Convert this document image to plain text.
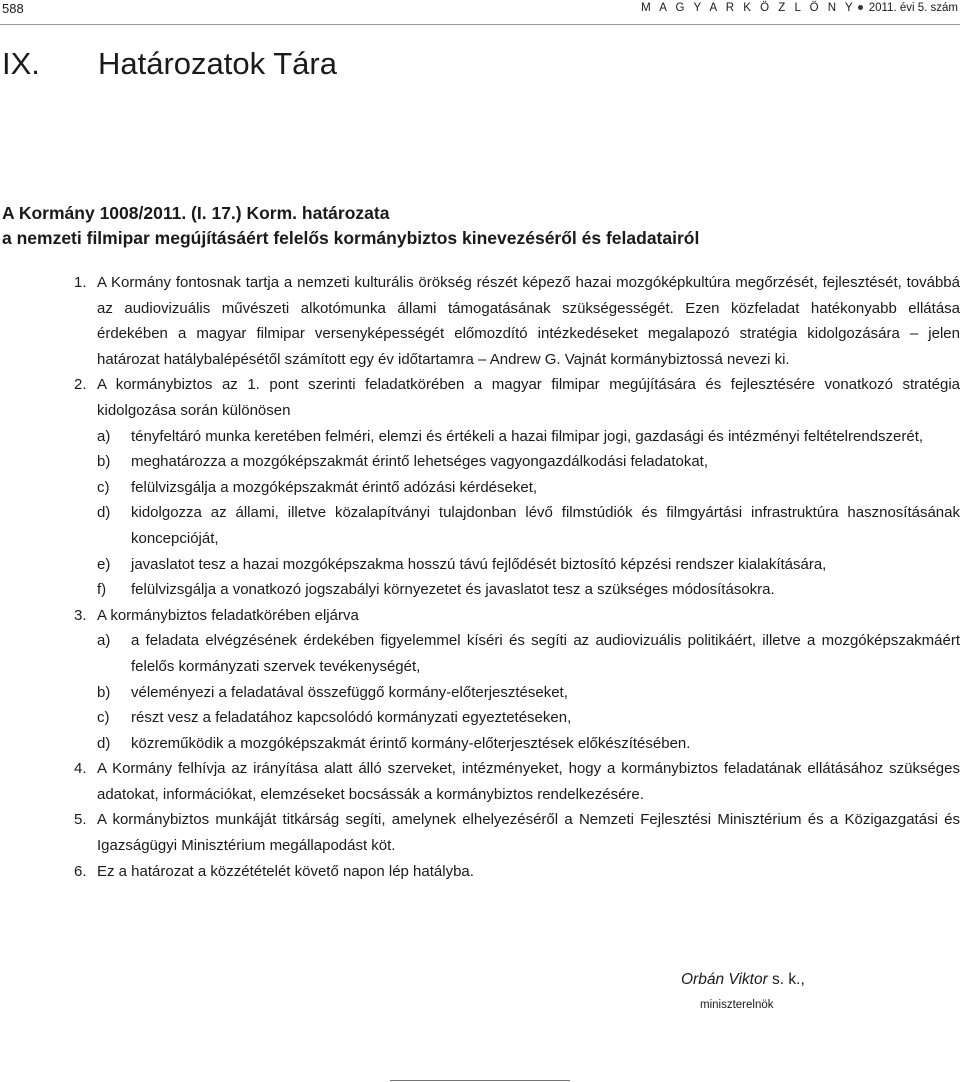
588	M A G Y A R K Ö Z L Ö N Y 2011. évi 5. szám
IX. Határozatok Tára
A Kormány 1008/2011. (I. 17.) Korm. határozata
a nemzeti filmipar megújításáért felelős kormánybiztos kinevezéséről és feladatairól
1. A Kormány fontosnak tartja a nemzeti kulturális örökség részét képező hazai mozgóképkultúra megőrzését, fejlesztését, továbbá az audiovizuális művészeti alkotómunka állami támogatásának szükségességét. Ezen közfeladat hatékonyabb ellátása érdekében a magyar filmipar versenyképességét előmozdító intézkedéseket megalapozó stratégia kidolgozására – jelen határozat hatálybalépésétől számított egy év időtartamra – Andrew G. Vajnát kormánybiztossá nevezi ki.
2. A kormánybiztos az 1. pont szerinti feladatkörében a magyar filmipar megújítására és fejlesztésére vonatkozó stratégia kidolgozása során különösen
a) tényfeltáró munka keretében felméri, elemzi és értékeli a hazai filmipar jogi, gazdasági és intézményi feltételrendszerét,
b) meghatározza a mozgóképszakmát érintő lehetséges vagyongazdálkodási feladatokat,
c) felülvizsgálja a mozgóképszakmát érintő adózási kérdéseket,
d) kidolgozza az állami, illetve közalapítványi tulajdonban lévő filmstúdiók és filmgyártási infrastruktúra hasznosításának koncepcióját,
e) javaslatot tesz a hazai mozgóképszakma hosszú távú fejlődését biztosító képzési rendszer kialakítására,
f) felülvizsgálja a vonatkozó jogszabályi környezetet és javaslatot tesz a szükséges módosításokra.
3. A kormánybiztos feladatkörében eljárva
a) a feladata elvégzésének érdekében figyelemmel kíséri és segíti az audiovizuális politikáért, illetve a mozgóképszakmáért felelős kormányzati szervek tevékenységét,
b) véleményezi a feladatával összefüggő kormány-előterjesztéseket,
c) részt vesz a feladatához kapcsolódó kormányzati egyeztetéseken,
d) közreműködik a mozgóképszakmát érintő kormány-előterjesztések előkészítésében.
4. A Kormány felhívja az irányítása alatt álló szerveket, intézményeket, hogy a kormánybiztos feladatának ellátásához szükséges adatokat, információkat, elemzéseket bocsássák a kormánybiztos rendelkezésére.
5. A kormánybiztos munkáját titkárság segíti, amelynek elhelyezéséről a Nemzeti Fejlesztési Minisztérium és a Közigazgatási és Igazságügyi Minisztérium megállapodást köt.
6. Ez a határozat a közzétételét követő napon lép hatályba.
Orbán Viktor s. k.,
miniszterelnök
